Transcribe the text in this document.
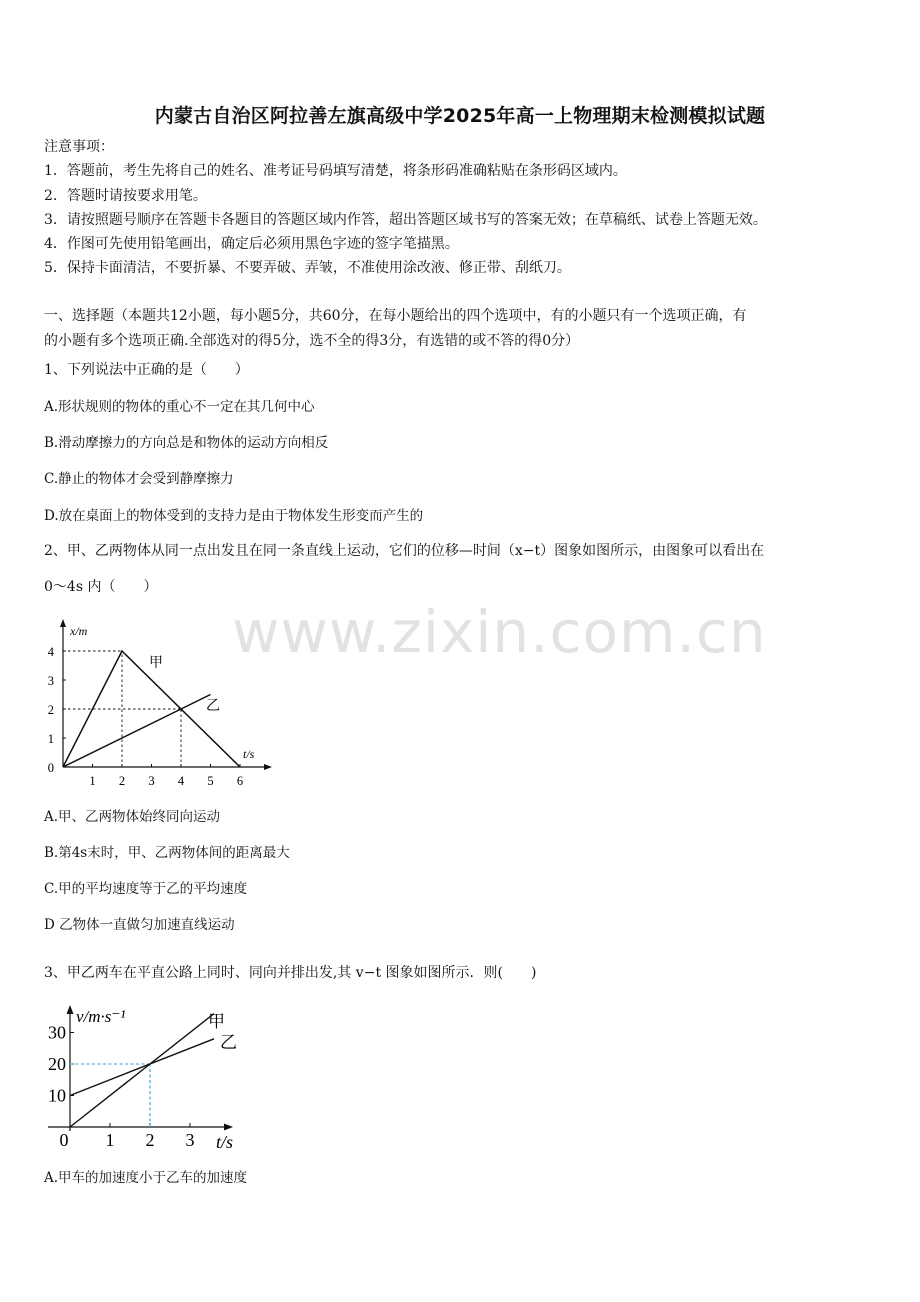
www.zixin.com.cn
内蒙古自治区阿拉善左旗高级中学2025年高一上物理期末检测模拟试题
注意事项：
1．答题前，考生先将自己的姓名、准考证号码填写清楚，将条形码准确粘贴在条形码区域内。
2．答题时请按要求用笔。
3．请按照题号顺序在答题卡各题目的答题区域内作答，超出答题区域书写的答案无效；在草稿纸、试卷上答题无效。
4．作图可先使用铅笔画出，确定后必须用黑色字迹的签字笔描黑。
5．保持卡面清洁，不要折暴、不要弄破、弄皱，不准使用涂改液、修正带、刮纸刀。
一、选择题（本题共12小题，每小题5分，共60分，在每小题给出的四个选项中，有的小题只有一个选项正确，有
的小题有多个选项正确.全部选对的得5分，选不全的得3分，有选错的或不答的得0分）
1、下列说法中正确的是（　　）
A.形状规则的物体的重心不一定在其几何中心
B.滑动摩擦力的方向总是和物体的运动方向相反
C.静止的物体才会受到静摩擦力
D.放在桌面上的物体受到的支持力是由于物体发生形变而产生的
2、甲、乙两物体从同一点出发且在同一条直线上运动，它们的位移—时间（x−t）图象如图所示，由图象可以看出在
0～4s 内（　　）
x/m
t/s
1 2 3 4 5 6
0
1
2
3
4
甲
乙
A.甲、乙两物体始终同向运动
B.第4s末时，甲、乙两物体间的距离最大
C.甲的平均速度等于乙的平均速度
D 乙物体一直做匀加速直线运动
3、甲乙两车在平直公路上同时、同向并排出发,其 v−t 图象如图所示．则(　　)
v/m·s⁻¹
t/s
0 1 2 3
10
20
30
甲
乙
A.甲车的加速度小于乙车的加速度
